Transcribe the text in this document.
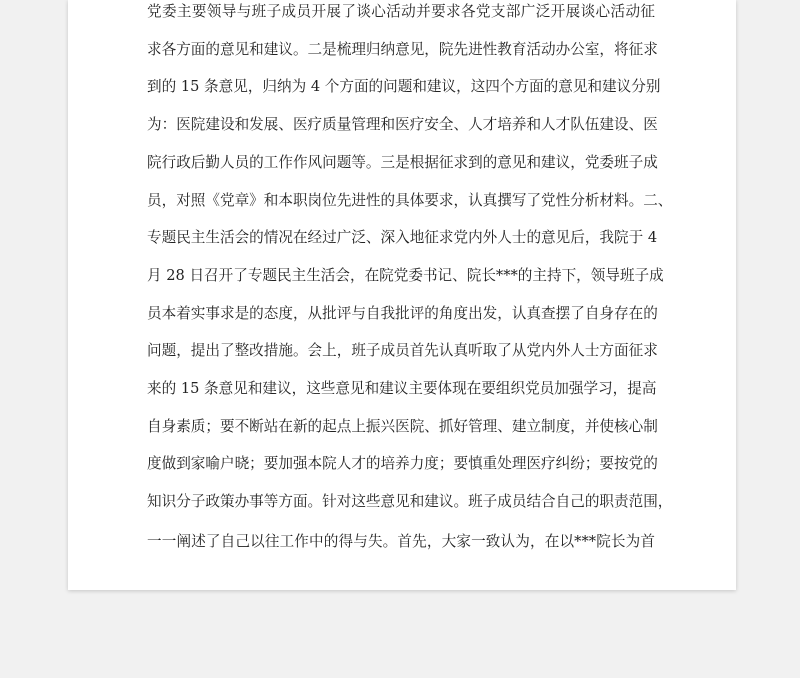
党委主要领导与班子成员开展了谈心活动并要求各党支部广泛开展谈心活动征
求各方面的意见和建议。二是梳理归纳意见，院先进性教育活动办公室，将征求
到的 15 条意见，归纳为 4 个方面的问题和建议，这四个方面的意见和建议分别
为：医院建设和发展、医疗质量管理和医疗安全、人才培养和人才队伍建设、医
院行政后勤人员的工作作风问题等。三是根据征求到的意见和建议，党委班子成
员，对照《党章》和本职岗位先进性的具体要求，认真撰写了党性分析材料。二、
专题民主生活会的情况在经过广泛、深入地征求党内外人士的意见后，我院于 4
月 28 日召开了专题民主生活会，在院党委书记、院长***的主持下，领导班子成
员本着实事求是的态度，从批评与自我批评的角度出发，认真查摆了自身存在的
问题，提出了整改措施。会上，班子成员首先认真听取了从党内外人士方面征求
来的 15 条意见和建议，这些意见和建议主要体现在要组织党员加强学习，提高
自身素质；要不断站在新的起点上振兴医院、抓好管理、建立制度，并使核心制
度做到家喻户晓；要加强本院人才的培养力度；要慎重处理医疗纠纷；要按党的
知识分子政策办事等方面。针对这些意见和建议。班子成员结合自己的职责范围，
一一阐述了自己以往工作中的得与失。首先，大家一致认为，在以***院长为首
